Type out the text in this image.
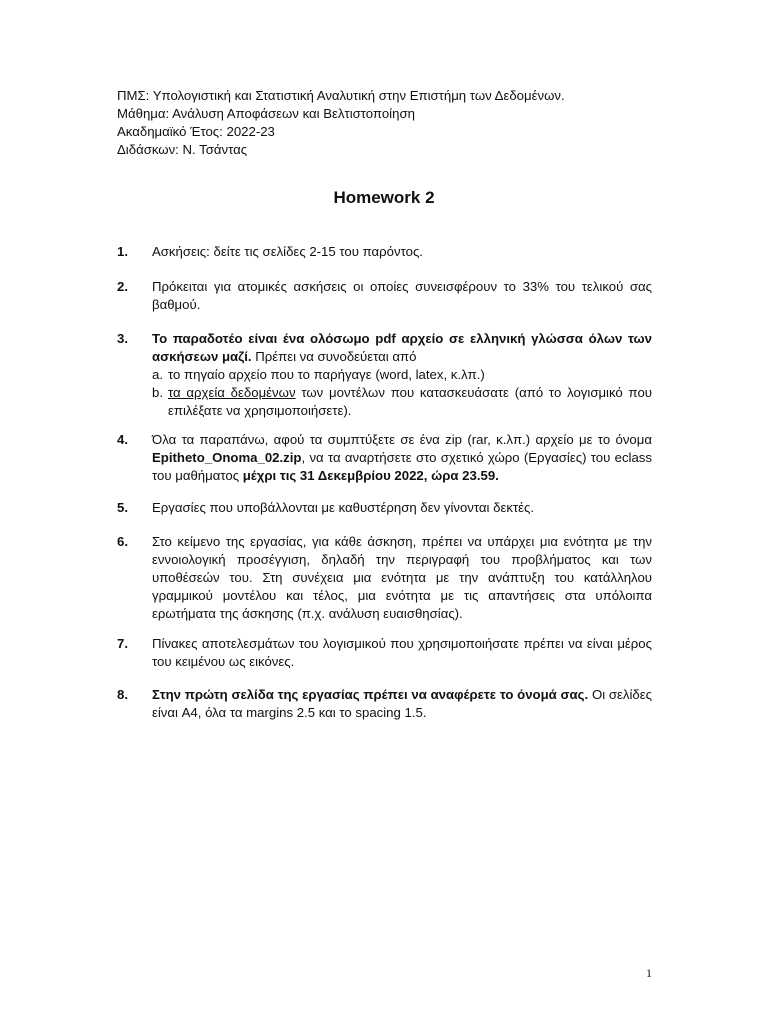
ΠΜΣ: Υπολογιστική και Στατιστική Αναλυτική στην Επιστήμη των Δεδομένων.
Μάθημα: Ανάλυση Αποφάσεων και Βελτιστοποίηση
Ακαδημαϊκό Έτος: 2022-23
Διδάσκων: Ν. Τσάντας
Homework 2
1. Ασκήσεις: δείτε τις σελίδες 2-15 του παρόντος.
2. Πρόκειται για ατομικές ασκήσεις οι οποίες συνεισφέρουν το 33% του τελικού σας βαθμού.
3. Το παραδοτέο είναι ένα ολόσωμο pdf αρχείο σε ελληνική γλώσσα όλων των ασκήσεων μαζί. Πρέπει να συνοδεύεται από
a. το πηγαίο αρχείο που το παρήγαγε (word, latex, κ.λπ.)
b. τα αρχεία δεδομένων των μοντέλων που κατασκευάσατε (από το λογισμικό που επιλέξατε να χρησιμοποιήσετε).
4. Όλα τα παραπάνω, αφού τα συμπτύξετε σε ένα zip (rar, κ.λπ.) αρχείο με το όνομα Epitheto_Onoma_02.zip, να τα αναρτήσετε στο σχετικό χώρο (Εργασίες) του eclass του μαθήματος μέχρι τις 31 Δεκεμβρίου 2022, ώρα 23.59.
5. Εργασίες που υποβάλλονται με καθυστέρηση δεν γίνονται δεκτές.
6. Στο κείμενο της εργασίας, για κάθε άσκηση, πρέπει να υπάρχει μια ενότητα με την εννοιολογική προσέγγιση, δηλαδή την περιγραφή του προβλήματος και των υποθέσεών του. Στη συνέχεια μια ενότητα με την ανάπτυξη του κατάλληλου γραμμικού μοντέλου και τέλος, μια ενότητα με τις απαντήσεις στα υπόλοιπα ερωτήματα της άσκησης (π.χ. ανάλυση ευαισθησίας).
7. Πίνακες αποτελεσμάτων του λογισμικού που χρησιμοποιήσατε πρέπει να είναι μέρος του κειμένου ως εικόνες.
8. Στην πρώτη σελίδα της εργασίας πρέπει να αναφέρετε το όνομά σας. Οι σελίδες είναι A4, όλα τα margins 2.5 και το spacing 1.5.
1
